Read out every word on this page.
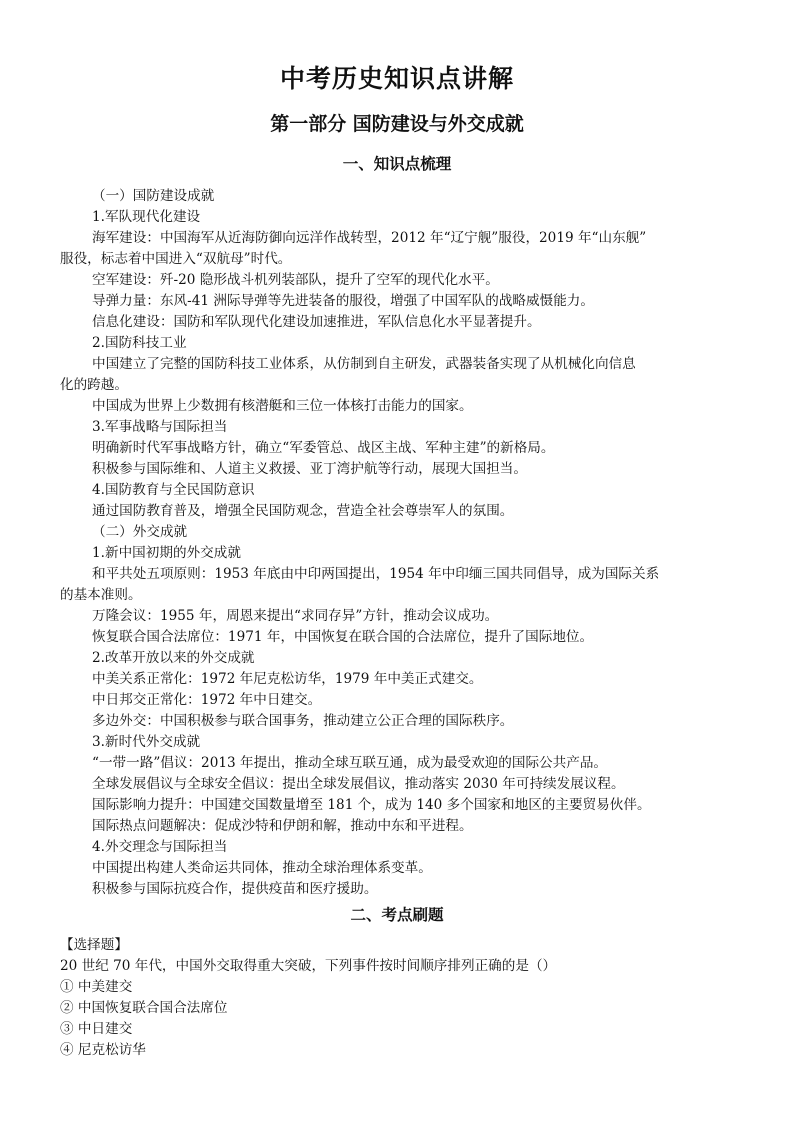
中考历史知识点讲解
第一部分 国防建设与外交成就
一、知识点梳理
（一）国防建设成就
1.军队现代化建设
海军建设：中国海军从近海防御向远洋作战转型，2012 年“辽宁舰”服役，2019 年“山东舰”
服役，标志着中国进入“双航母”时代。
空军建设：歼-20 隐形战斗机列装部队，提升了空军的现代化水平。
导弹力量：东风-41 洲际导弹等先进装备的服役，增强了中国军队的战略威慑能力。
信息化建设：国防和军队现代化建设加速推进，军队信息化水平显著提升。
2.国防科技工业
中国建立了完整的国防科技工业体系，从仿制到自主研发，武器装备实现了从机械化向信息
化的跨越。
中国成为世界上少数拥有核潜艇和三位一体核打击能力的国家。
3.军事战略与国际担当
明确新时代军事战略方针，确立“军委管总、战区主战、军种主建”的新格局。
积极参与国际维和、人道主义救援、亚丁湾护航等行动，展现大国担当。
4.国防教育与全民国防意识
通过国防教育普及，增强全民国防观念，营造全社会尊崇军人的氛围。
（二）外交成就
1.新中国初期的外交成就
和平共处五项原则：1953 年底由中印两国提出，1954 年中印缅三国共同倡导，成为国际关系
的基本准则。
万隆会议：1955 年，周恩来提出“求同存异”方针，推动会议成功。
恢复联合国合法席位：1971 年，中国恢复在联合国的合法席位，提升了国际地位。
2.改革开放以来的外交成就
中美关系正常化：1972 年尼克松访华，1979 年中美正式建交。
中日邦交正常化：1972 年中日建交。
多边外交：中国积极参与联合国事务，推动建立公正合理的国际秩序。
3.新时代外交成就
“一带一路”倡议：2013 年提出，推动全球互联互通，成为最受欢迎的国际公共产品。
全球发展倡议与全球安全倡议：提出全球发展倡议，推动落实 2030 年可持续发展议程。
国际影响力提升：中国建交国数量增至 181 个，成为 140 多个国家和地区的主要贸易伙伴。
国际热点问题解决：促成沙特和伊朗和解，推动中东和平进程。
4.外交理念与国际担当
中国提出构建人类命运共同体，推动全球治理体系变革。
积极参与国际抗疫合作，提供疫苗和医疗援助。
二、考点刷题
【选择题】
20 世纪 70 年代，中国外交取得重大突破，下列事件按时间顺序排列正确的是（）
① 中美建交
② 中国恢复联合国合法席位
③ 中日建交
④ 尼克松访华
